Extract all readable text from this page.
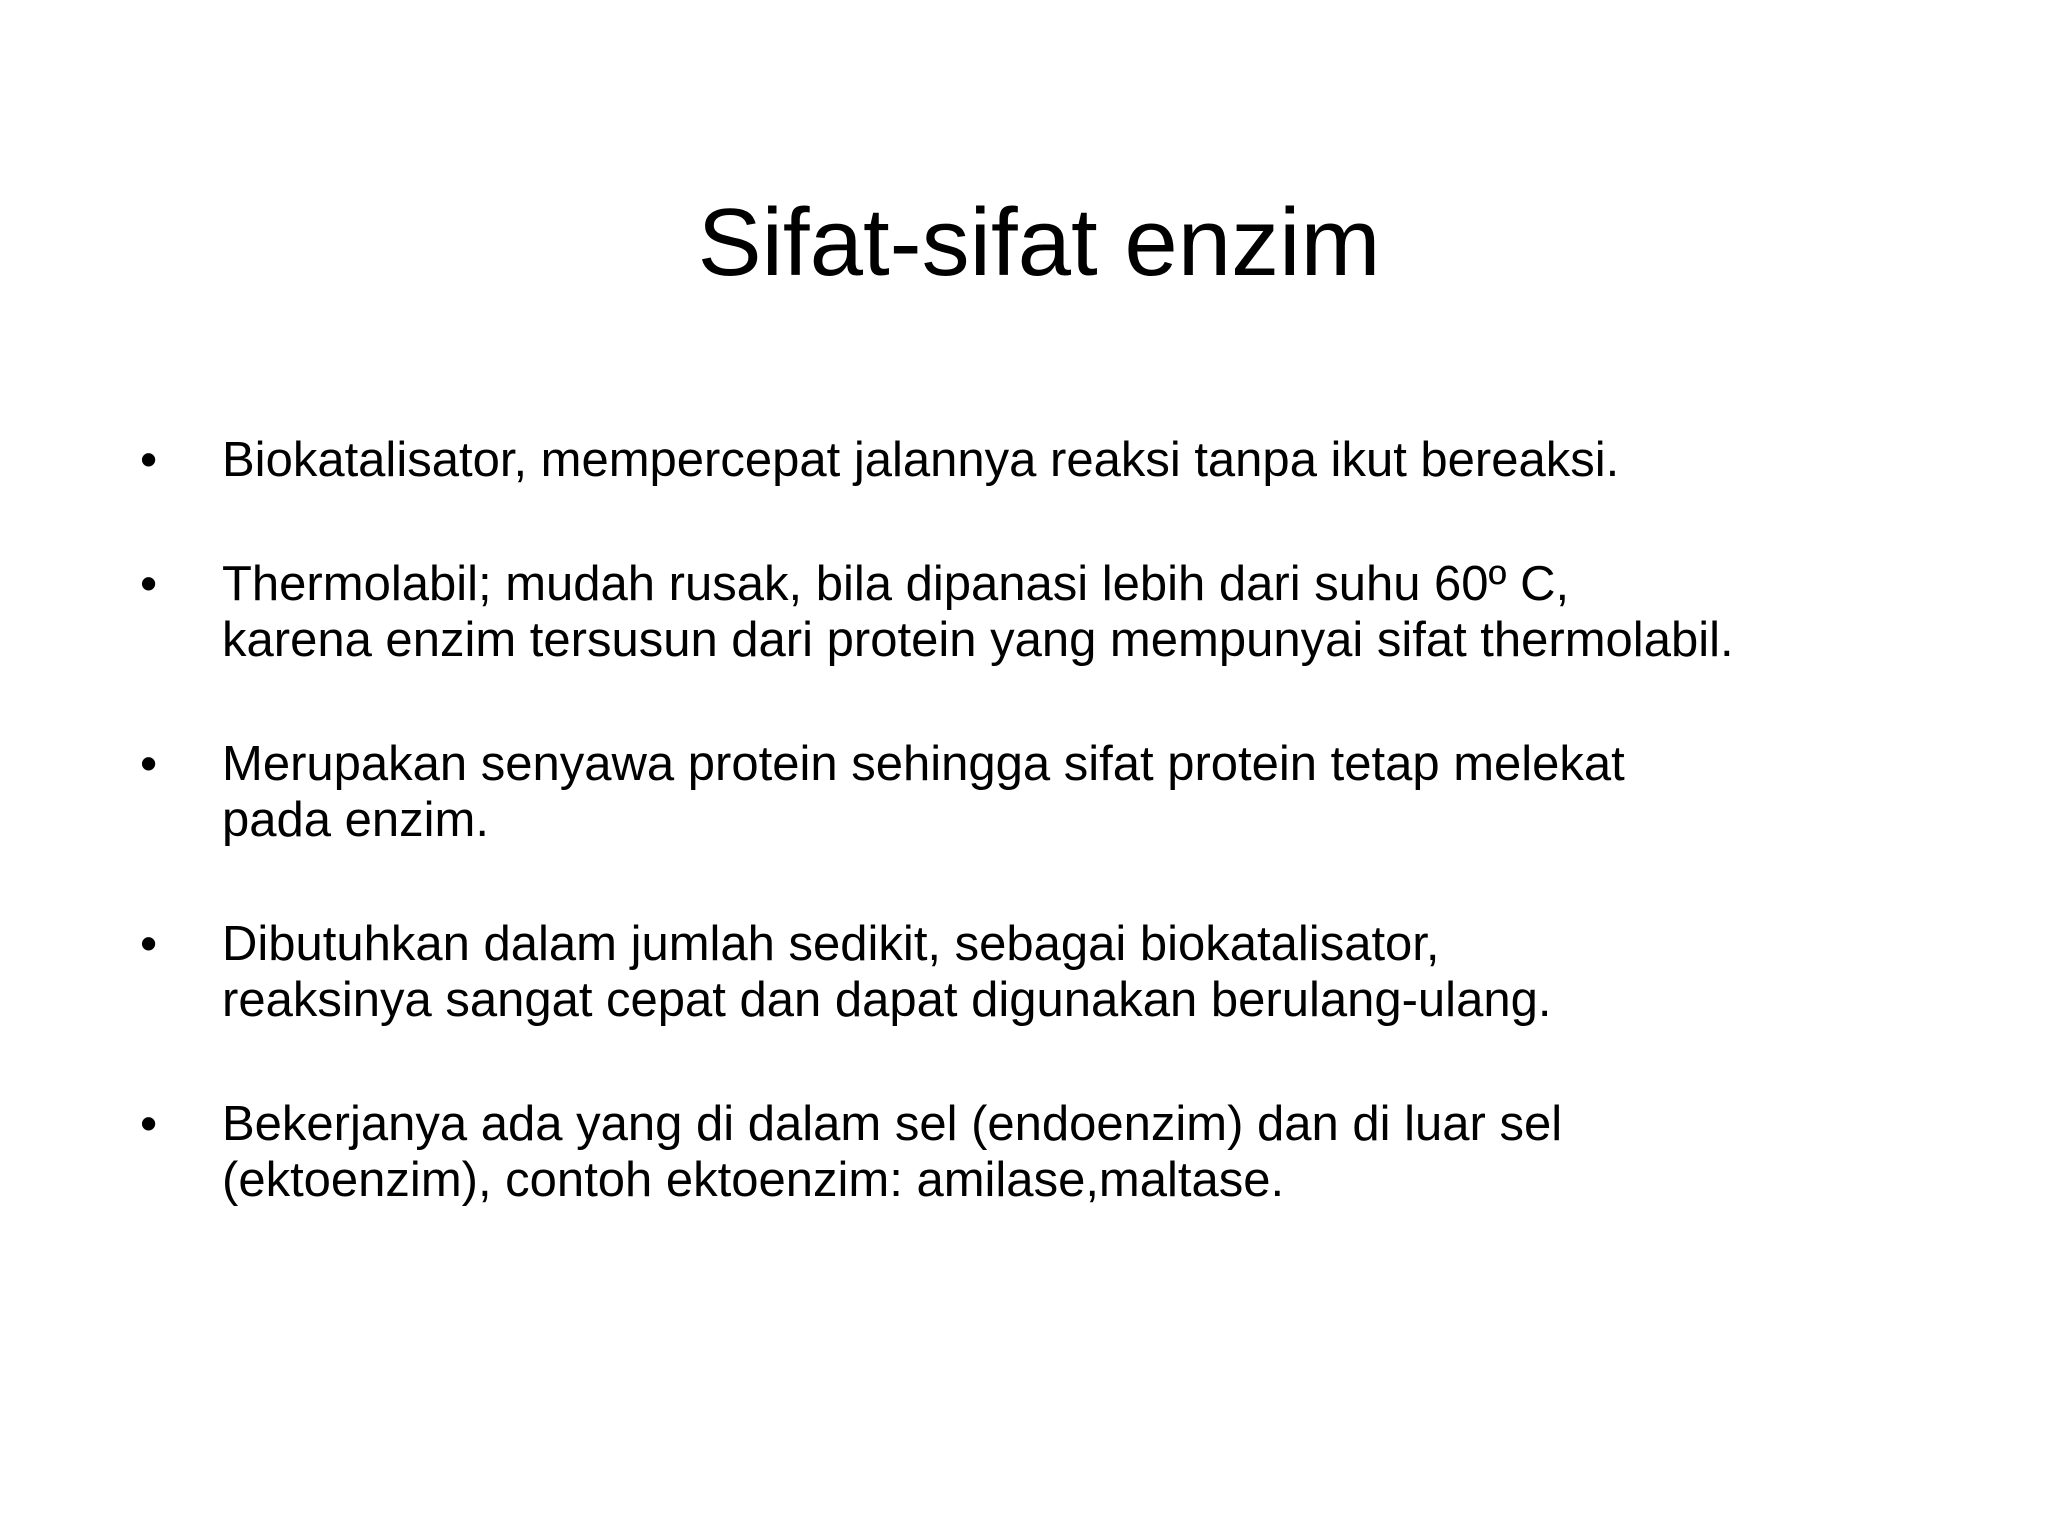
Sifat-sifat enzim
•	Biokatalisator, mempercepat jalannya reaksi tanpa ikut bereaksi.
•	Thermolabil; mudah rusak, bila dipanasi lebih dari suhu 60º C,
karena enzim tersusun dari protein yang mempunyai sifat thermolabil.
•	Merupakan senyawa protein sehingga sifat protein tetap melekat
pada enzim.
•	Dibutuhkan dalam jumlah sedikit, sebagai biokatalisator,
reaksinya sangat cepat dan dapat digunakan berulang-ulang.
•	Bekerjanya ada yang di dalam sel (endoenzim) dan di luar sel
(ektoenzim), contoh ektoenzim: amilase,maltase.
